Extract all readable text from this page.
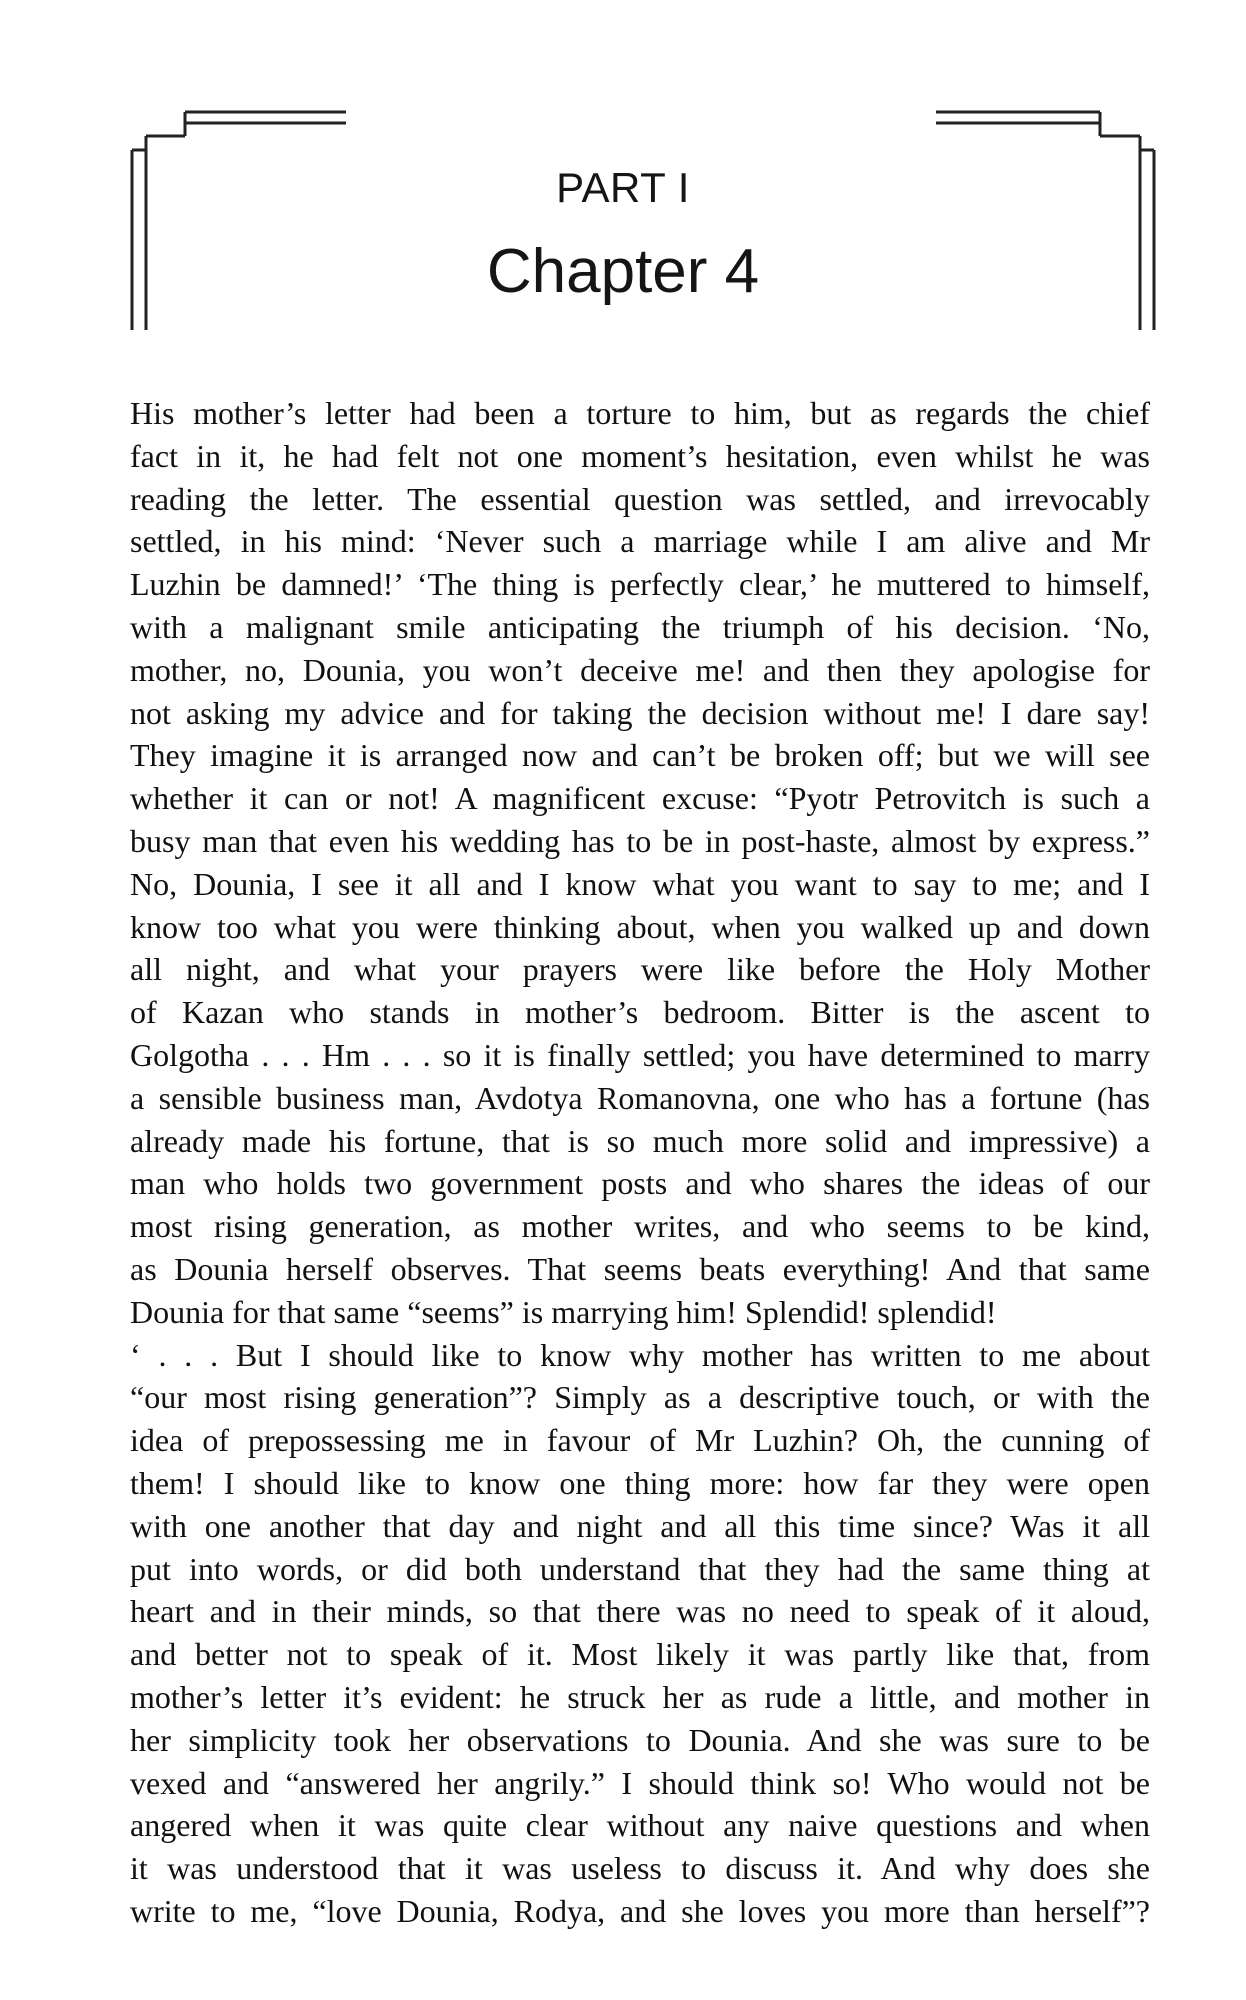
PART I
Chapter 4
His mother’s letter had been a torture to him, but as regards the chief
fact in it, he had felt not one moment’s hesitation, even whilst he was
reading the letter. The essential question was settled, and irrevocably
settled, in his mind: ‘Never such a marriage while I am alive and Mr
Luzhin be damned!’ ‘The thing is perfectly clear,’ he muttered to himself,
with a malignant smile anticipating the triumph of his decision. ‘No,
mother, no, Dounia, you won’t deceive me! and then they apologise for
not asking my advice and for taking the decision without me! I dare say!
They imagine it is arranged now and can’t be broken off; but we will see
whether it can or not! A magnificent excuse: “Pyotr Petrovitch is such a
busy man that even his wedding has to be in post-haste, almost by express.”
No, Dounia, I see it all and I know what you want to say to me; and I
know too what you were thinking about, when you walked up and down
all night, and what your prayers were like before the Holy Mother
of Kazan who stands in mother’s bedroom. Bitter is the ascent to
Golgotha . . . Hm . . . so it is finally settled; you have determined to marry
a sensible business man, Avdotya Romanovna, one who has a fortune (has
already made his fortune, that is so much more solid and impressive) a
man who holds two government posts and who shares the ideas of our
most rising generation, as mother writes, and who seems to be kind,
as Dounia herself observes. That seems beats everything! And that same
Dounia for that same “seems” is marrying him! Splendid! splendid!
‘ . . . But I should like to know why mother has written to me about
“our most rising generation”? Simply as a descriptive touch, or with the
idea of prepossessing me in favour of Mr Luzhin? Oh, the cunning of
them! I should like to know one thing more: how far they were open
with one another that day and night and all this time since? Was it all
put into words, or did both understand that they had the same thing at
heart and in their minds, so that there was no need to speak of it aloud,
and better not to speak of it. Most likely it was partly like that, from
mother’s letter it’s evident: he struck her as rude a little, and mother in
her simplicity took her observations to Dounia. And she was sure to be
vexed and “answered her angrily.” I should think so! Who would not be
angered when it was quite clear without any naive questions and when
it was understood that it was useless to discuss it. And why does she
write to me, “love Dounia, Rodya, and she loves you more than herself”?
